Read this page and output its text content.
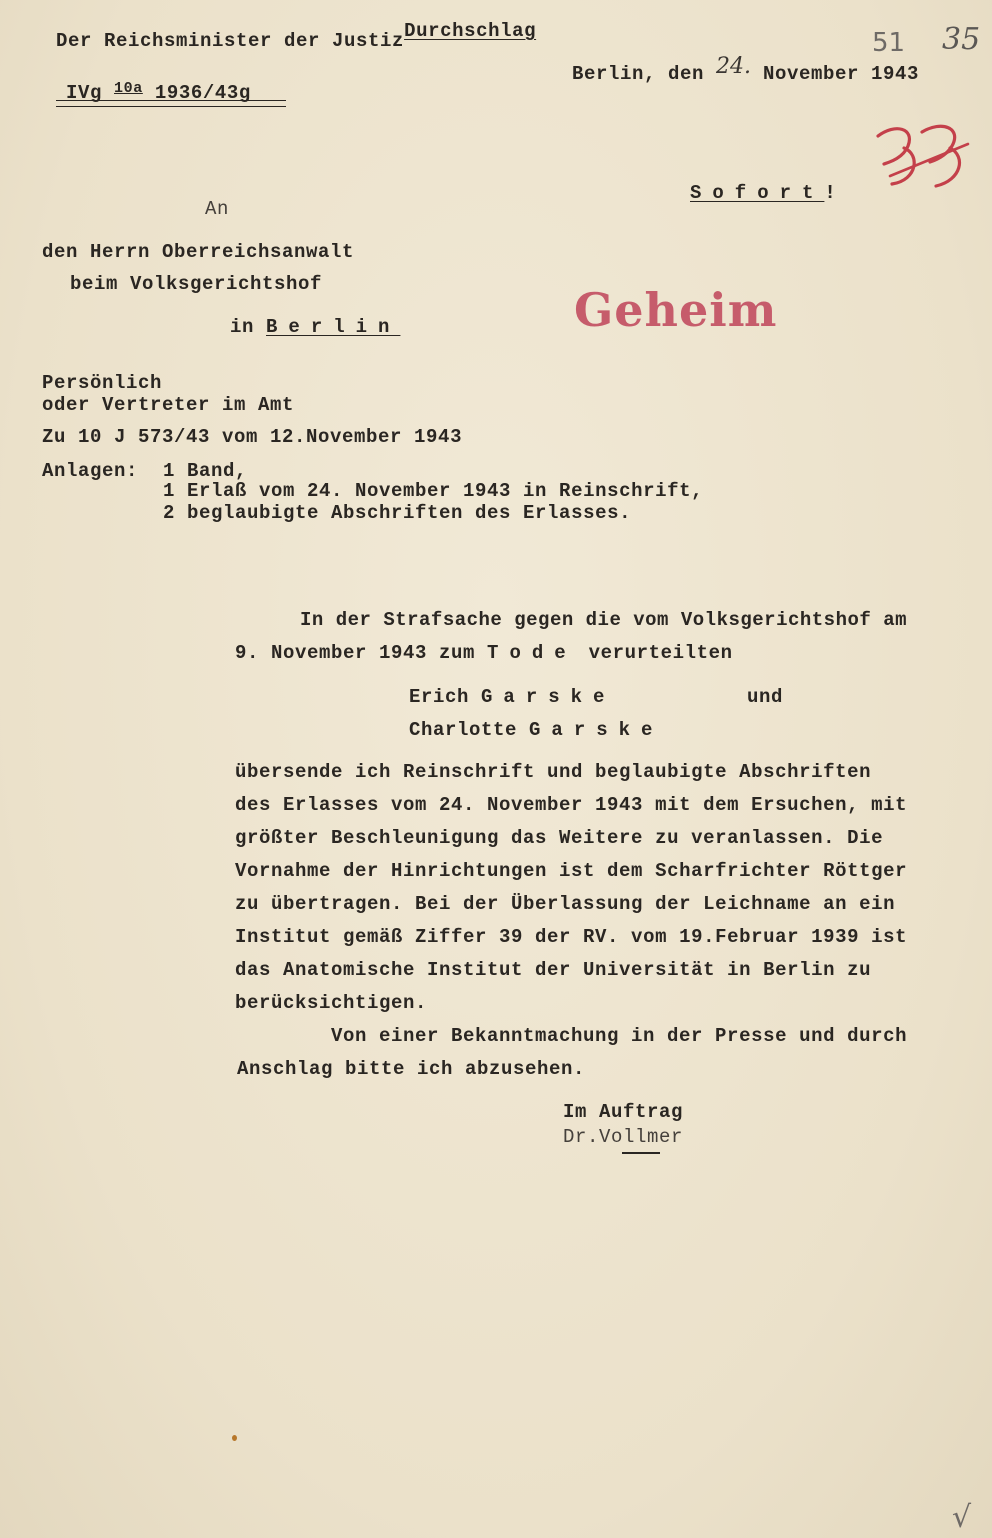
Der Reichsminister der JustizDurchschlag
IVg $^{10a}$ 1936/43g
Berlin, den 24. November 1943
51 35
Sofort!
An
den Herrn Oberreichsanwalt
beim Volksgerichtshof
in Berlin	Geheim
Persönlich
oder Vertreter im Amt
Zu 10 J 573/43 vom 12.November 1943
Anlagen: 1 Band,
1 Erlaß vom 24. November 1943 in Reinschrift,
2 beglaubigte Abschriften des Erlasses.
In der Strafsache gegen die vom Volksgerichtshof am
9. November 1943 zum Tode verurteilten
Erich Garske	und
Charlotte Garske
übersende ich Reinschrift und beglaubigte Abschriften
des Erlasses vom 24. November 1943 mit dem Ersuchen, mit
größter Beschleunigung das Weitere zu veranlassen. Die
Vornahme der Hinrichtungen ist dem Scharfrichter Röttger
zu übertragen. Bei der Überlassung der Leichname an ein
Institut gemäß Ziffer 39 der RV. vom 19.Februar 1939 ist
das Anatomische Institut der Universität in Berlin zu
berücksichtigen.
Von einer Bekanntmachung in der Presse und durch
Anschlag bitte ich abzusehen.
Im Auftrag
Dr.Vollmer
√
